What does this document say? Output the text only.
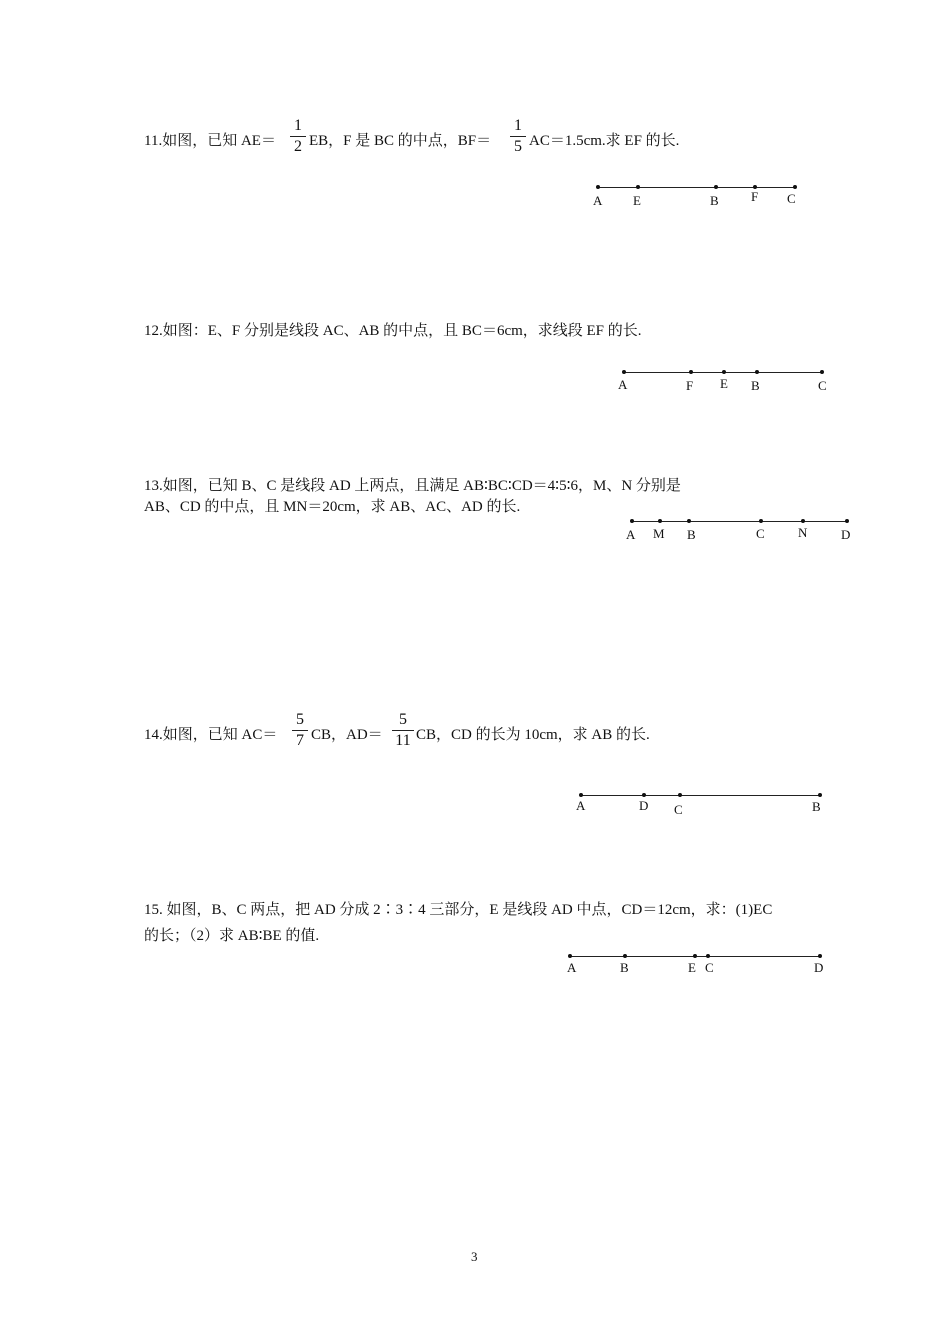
11.如图，已知 AE＝
1
2 EB，F 是 BC 的中点，BF＝
1
5 AC＝1.5cm.求 EF 的长.
A E	B F C
12.如图：E、F 分别是线段 AC、AB 的中点，且 BC＝6cm，求线段 EF 的长.
A	F E B	C
13.如图，已知 B、C 是线段 AD 上两点，且满足 AB∶BC∶CD＝4∶5∶6，M、N 分别是
AB、CD 的中点，且 MN＝20cm，求 AB、AC、AD 的长.
A M B	C	N	D
14.如图，已知 AC＝
5
7 CB，AD＝
5
11 CB，CD 的长为 10cm，求 AB 的长.
A	D C	B
15. 如图，B、C 两点，把 AD 分成 2∶3∶4 三部分，E 是线段 AD 中点，CD＝12cm，求：(1)EC
的长；（2）求 AB∶BE 的值.
A	B	E C	D
3
